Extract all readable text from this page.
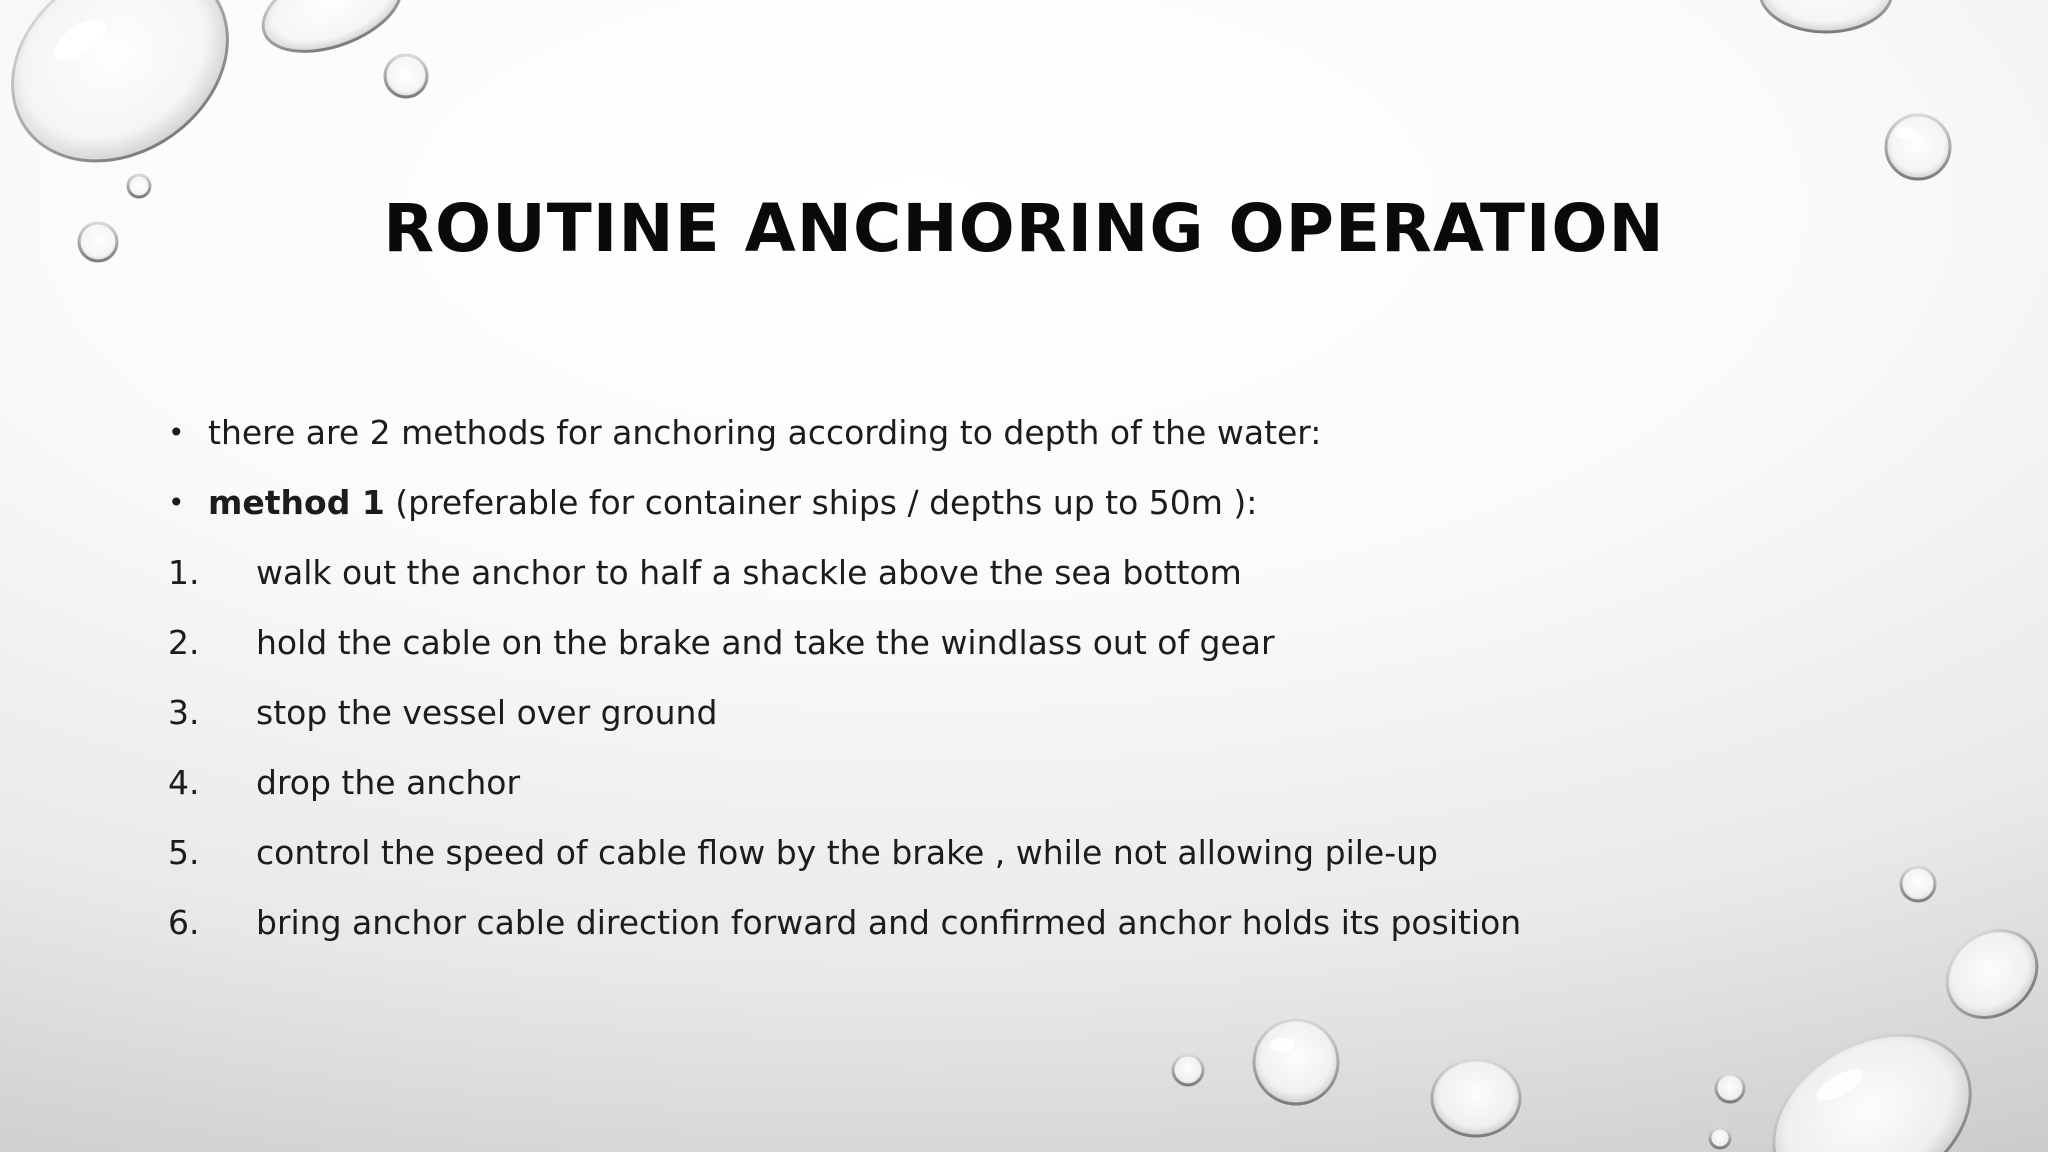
ROUTINE ANCHORING OPERATION
• there are 2 methods for anchoring according to depth of the water:
• method 1 (preferable for container ships / depths up to 50m ):
1. walk out the anchor to half a shackle above the sea bottom
2. hold the cable on the brake and take the windlass out of gear
3. stop the vessel over ground
4. drop the anchor
5. control the speed of cable flow by the brake , while not allowing pile-up
6. bring anchor cable direction forward and confirmed anchor holds its position
